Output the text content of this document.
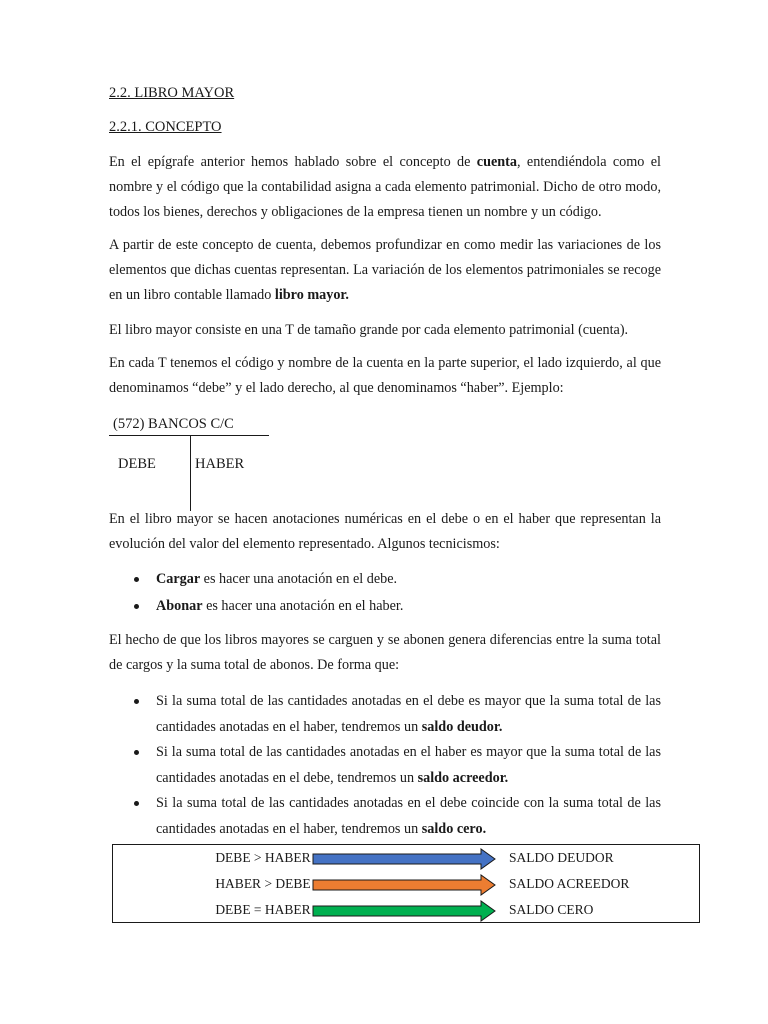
2.2. LIBRO MAYOR
2.2.1. CONCEPTO
En el epígrafe anterior hemos hablado sobre el concepto de cuenta, entendiéndola como el nombre y el código que la contabilidad asigna a cada elemento patrimonial. Dicho de otro modo, todos los bienes, derechos y obligaciones de la empresa tienen un nombre y un código.
A partir de este concepto de cuenta, debemos profundizar en como medir las variaciones de los elementos que dichas cuentas representan. La variación de los elementos patrimoniales se recoge en un libro contable llamado libro mayor.
El libro mayor consiste en una T de tamaño grande por cada elemento patrimonial (cuenta).
En cada T tenemos el código y nombre de la cuenta en la parte superior, el lado izquierdo, al que denominamos “debe” y el lado derecho, al que denominamos “haber”. Ejemplo:
(572) BANCOS C/C
DEBE	HABER
En el libro mayor se hacen anotaciones numéricas en el debe o en el haber que representan la evolución del valor del elemento representado. Algunos tecnicismos:
Cargar es hacer una anotación en el debe.
Abonar es hacer una anotación en el haber.
El hecho de que los libros mayores se carguen y se abonen genera diferencias entre la suma total de cargos y la suma total de abonos. De forma que:
Si la suma total de las cantidades anotadas en el debe es mayor que la suma total de las cantidades anotadas en el haber, tendremos un saldo deudor.
Si la suma total de las cantidades anotadas en el haber es mayor que la suma total de las cantidades anotadas en el debe, tendremos un saldo acreedor.
Si la suma total de las cantidades anotadas en el debe coincide con la suma total de las cantidades anotadas en el haber, tendremos un saldo cero.
DEBE > HABER	SALDO DEUDOR
HABER > DEBE	SALDO ACREEDOR
DEBE = HABER	SALDO CERO
